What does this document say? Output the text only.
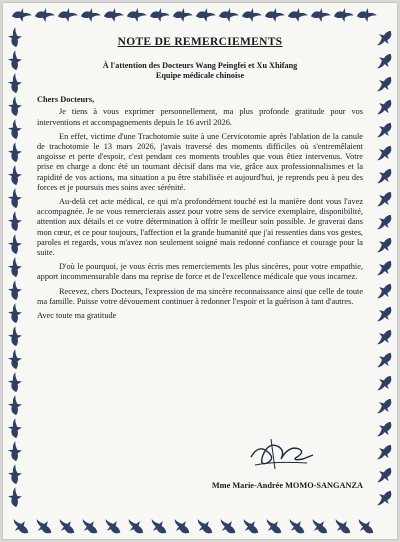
NOTE DE REMERCIEMENTS
À l'attention des Docteurs Wang Peingfei et Xu Xhifang
Equipe médicale chinoise
Chers Docteurs,

Je tiens à vous exprimer personnellement, ma plus profonde gratitude pour vos interventions et accompagnements depuis le 16 avril 2026.

En effet, victime d'une Trachotomie suite à une Cervicotomie après l'ablation de la canule de trachotomie le 13 mars 2026, j'avais traversé des moments difficiles où s'entremêlaient angoisse et perte d'espoir, c'est pendant ces moments troubles que vous êtiez intervenus. Votre prise en charge a donc été un tournant décisif dans ma vie, grâce aux professionnalismes et la rapidité de vos actions, ma situation a pu être stabilisée et aujourd'hui, je reprends peu à peu des forces et je poursuis mes soins avec sérénité.

Au-delà cet acte médical, ce qui m'a profondément touché est la manière dont vous l'avez accompagnée. Je ne vous remercierais assez pour votre sens de service exemplaire, disponibilité, attention aux détails et ce votre détermination à offrir le meilleur soin possible. Je graverai dans mon cœur, et ce pour toujours, l'affection et la grande humanité que j'ai ressenties dans vos gestes, paroles et regards, vous m'avez non seulement soigné mais redonné confiance et courage pour la suite.

D'où le pourquoi, je vous écris mes remerciements les plus sincères, pour votre empathie, apport incommensurable dans ma reprise de force et de l'excellence médicale que vous incarnez.

Recevez, chers Docteurs, l'expression de ma sincère reconnaissance ainsi que celle de toute ma famille. Puisse votre dévouement continuer à redonner l'espoir et la guérison à tant d'autres.

Avec toute ma gratitude

Mme Marie-Andrée MOMO-SANGANZA
